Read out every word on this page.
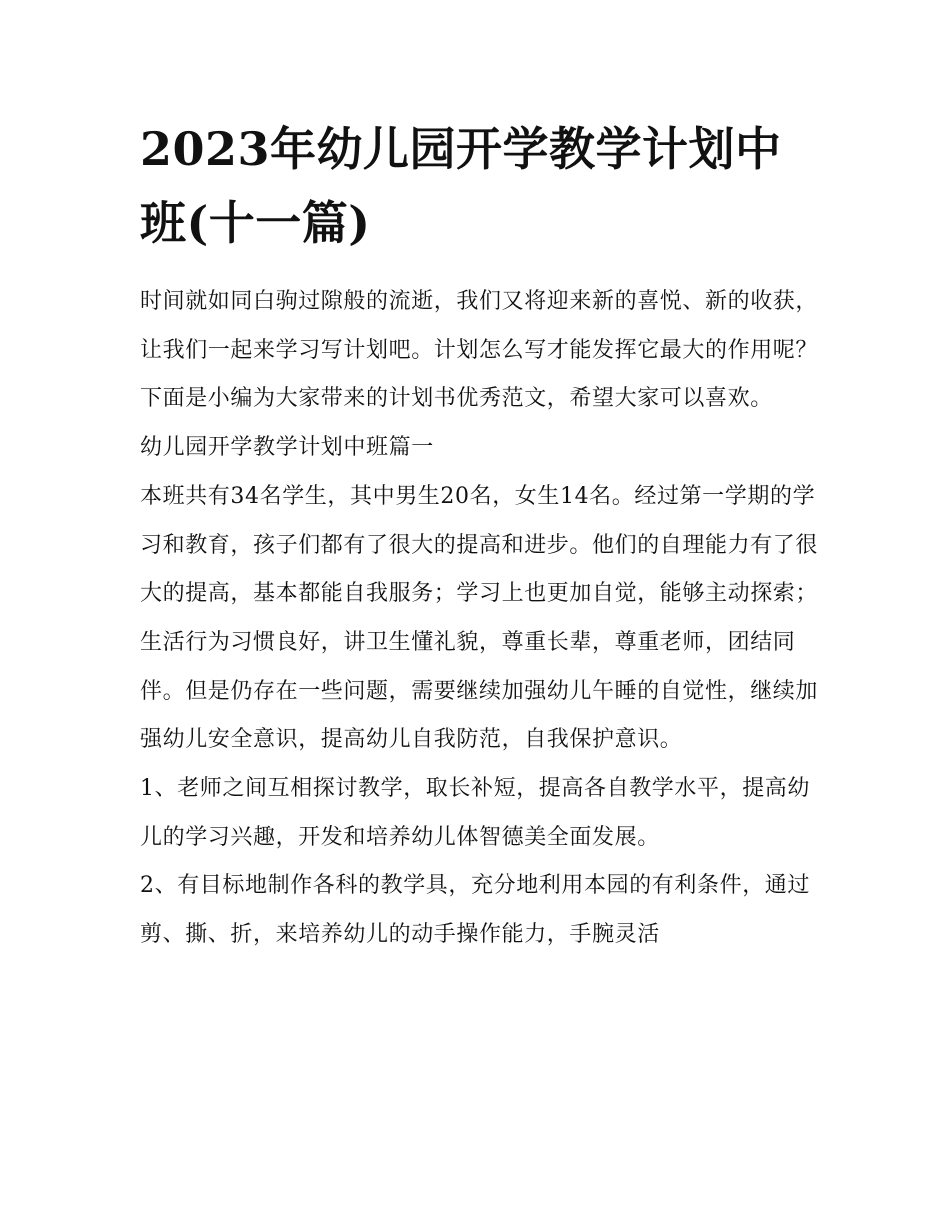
2023年幼儿园开学教学计划中班(十一篇)

时间就如同白驹过隙般的流逝，我们又将迎来新的喜悦、新的收获，让我们一起来学习写计划吧。计划怎么写才能发挥它最大的作用呢？下面是小编为大家带来的计划书优秀范文，希望大家可以喜欢。

幼儿园开学教学计划中班篇一

本班共有34名学生，其中男生20名，女生14名。经过第一学期的学习和教育，孩子们都有了很大的提高和进步。他们的自理能力有了很大的提高，基本都能自我服务；学习上也更加自觉，能够主动探索；生活行为习惯良好，讲卫生懂礼貌，尊重长辈，尊重老师，团结同伴。但是仍存在一些问题，需要继续加强幼儿午睡的自觉性，继续加强幼儿安全意识，提高幼儿自我防范，自我保护意识。

1、老师之间互相探讨教学，取长补短，提高各自教学水平，提高幼儿的学习兴趣，开发和培养幼儿体智德美全面发展。

2、有目标地制作各科的教学具，充分地利用本园的有利条件，通过剪、撕、折，来培养幼儿的动手操作能力，手腕灵活
